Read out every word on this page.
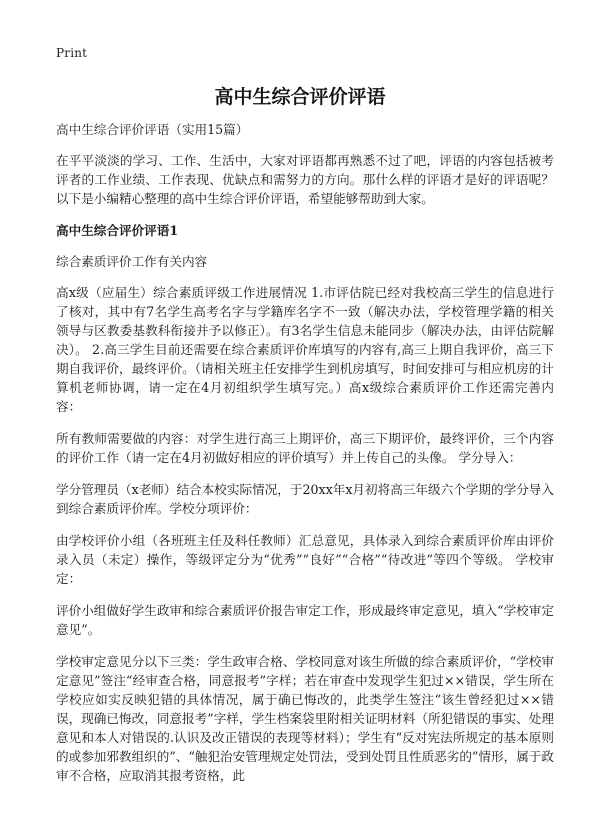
Print
高中生综合评价评语

高中生综合评价评语（实用15篇）

在平平淡淡的学习、工作、生活中，大家对评语都再熟悉不过了吧，评语的内容包括被考评者的工作业绩、工作表现、优缺点和需努力的方向。那什么样的评语才是好的评语呢？以下是小编精心整理的高中生综合评价评语，希望能够帮助到大家。

高中生综合评价评语1

综合素质评价工作有关内容

高x级（应届生）综合素质评级工作进展情况 1.市评估院已经对我校高三学生的信息进行了核对，其中有7名学生高考名字与学籍库名字不一致（解决办法，学校管理学籍的相关领导与区教委基教科衔接并予以修正）。有3名学生信息未能同步（解决办法，由评估院解决）。 2.高三学生目前还需要在综合素质评价库填写的内容有,高三上期自我评价，高三下期自我评价，最终评价。（请相关班主任安排学生到机房填写，时间安排可与相应机房的计算机老师协调，请一定在4月初组织学生填写完。）高x级综合素质评价工作还需完善内容：

所有教师需要做的内容：对学生进行高三上期评价，高三下期评价，最终评价，三个内容的评价工作（请一定在4月初做好相应的评价填写）并上传自己的头像。 学分导入：

学分管理员（x老师）结合本校实际情况，于20xx年x月初将高三年级六个学期的学分导入到综合素质评价库。学校分项评价：

由学校评价小组（各班班主任及科任教师）汇总意见，具体录入到综合素质评价库由评价录入员（未定）操作，等级评定分为“优秀”“良好”“合格”“待改进”等四个等级。 学校审定：

评价小组做好学生政审和综合素质评价报告审定工作，形成最终审定意见，填入“学校审定意见”。

学校审定意见分以下三类：学生政审合格、学校同意对该生所做的综合素质评价，“学校审定意见”签注“经审查合格，同意报考”字样；若在审查中发现学生犯过××错误，学生所在学校应如实反映犯错的具体情况，属于确已悔改的，此类学生签注“该生曾经犯过××错误，现确已悔改，同意报考”字样，学生档案袋里附相关证明材料（所犯错误的事实、处理意见和本人对错误的.认识及改正错误的表现等材料）；学生有“反对宪法所规定的基本原则的或参加邪教组织的”、“触犯治安管理规定处罚法，受到处罚且性质恶劣的”情形，属于政审不合格，应取消其报考资格，此
